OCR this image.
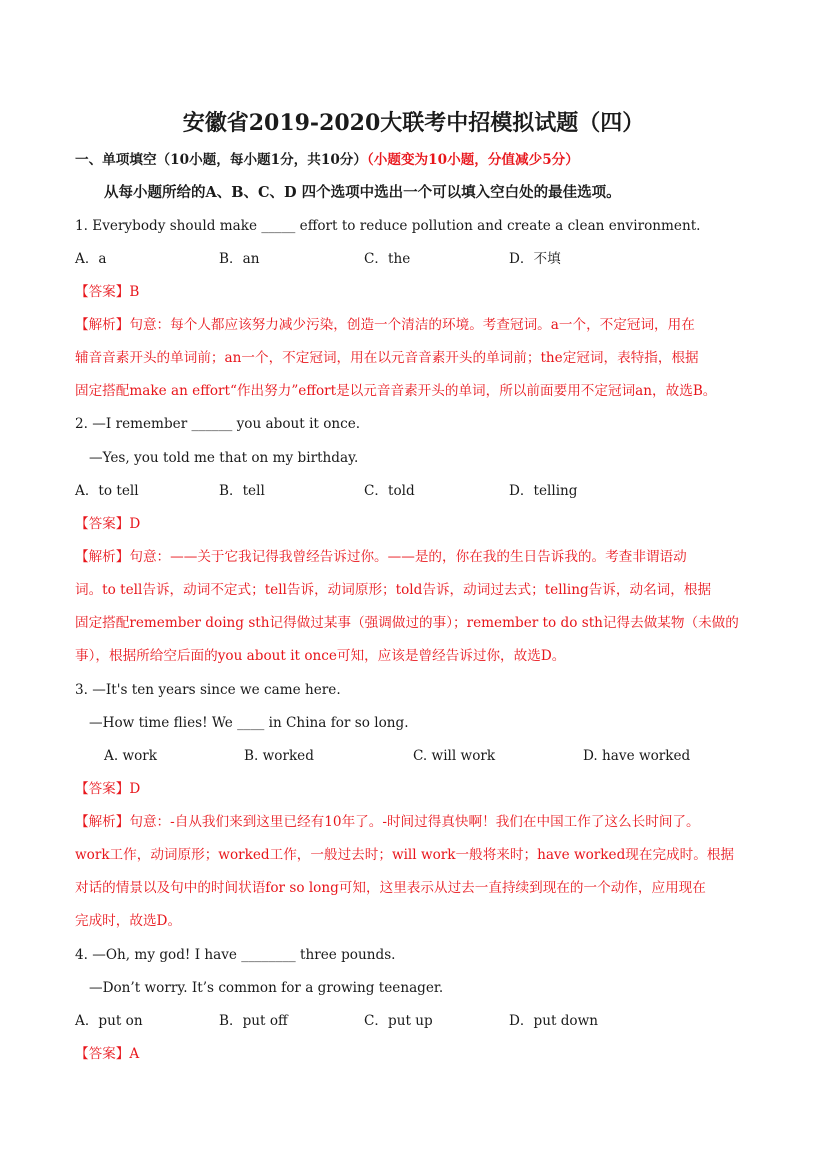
安徽省2019-2020大联考中招模拟试题（四）
一、单项填空（10小题，每小题1分，共10分）（小题变为10小题，分值减少5分）
从每小题所给的A、B、C、D 四个选项中选出一个可以填入空白处的最佳选项。
1. Everybody should make _____ effort to reduce pollution and create a clean environment.
A．a	B．an	C．the	D．不填
【答案】B
【解析】句意：每个人都应该努力减少污染，创造一个清洁的环境。考查冠词。a一个，不定冠词，用在
辅音音素开头的单词前；an一个，不定冠词，用在以元音音素开头的单词前；the定冠词，表特指，根据
固定搭配make an effort“作出努力”effort是以元音音素开头的单词，所以前面要用不定冠词an，故选B。
2. —I remember ______ you about it once.
—Yes, you told me that on my birthday.
A．to tell	B．tell	C．told	D．telling
【答案】D
【解析】句意：——关于它我记得我曾经告诉过你。——是的，你在我的生日告诉我的。考查非谓语动
词。to tell告诉，动词不定式；tell告诉，动词原形；told告诉，动词过去式；telling告诉，动名词，根据
固定搭配remember doing sth记得做过某事（强调做过的事）；remember to do sth记得去做某物（未做的
事），根据所给空后面的you about it once可知，应该是曾经告诉过你，故选D。
3. —It's ten years since we came here.
—How time flies! We ____ in China for so long.
A. work	B. worked	C. will work	D. have worked
【答案】D
【解析】句意：-自从我们来到这里已经有10年了。-时间过得真快啊！我们在中国工作了这么长时间了。
work工作，动词原形；worked工作，一般过去时；will work一般将来时；have worked现在完成时。根据
对话的情景以及句中的时间状语for so long可知，这里表示从过去一直持续到现在的一个动作，应用现在
完成时，故选D。
4. —Oh, my god! I have ________ three pounds.
—Don’t worry. It’s common for a growing teenager.
A．put on	B．put off	C．put up	D．put down
【答案】A
